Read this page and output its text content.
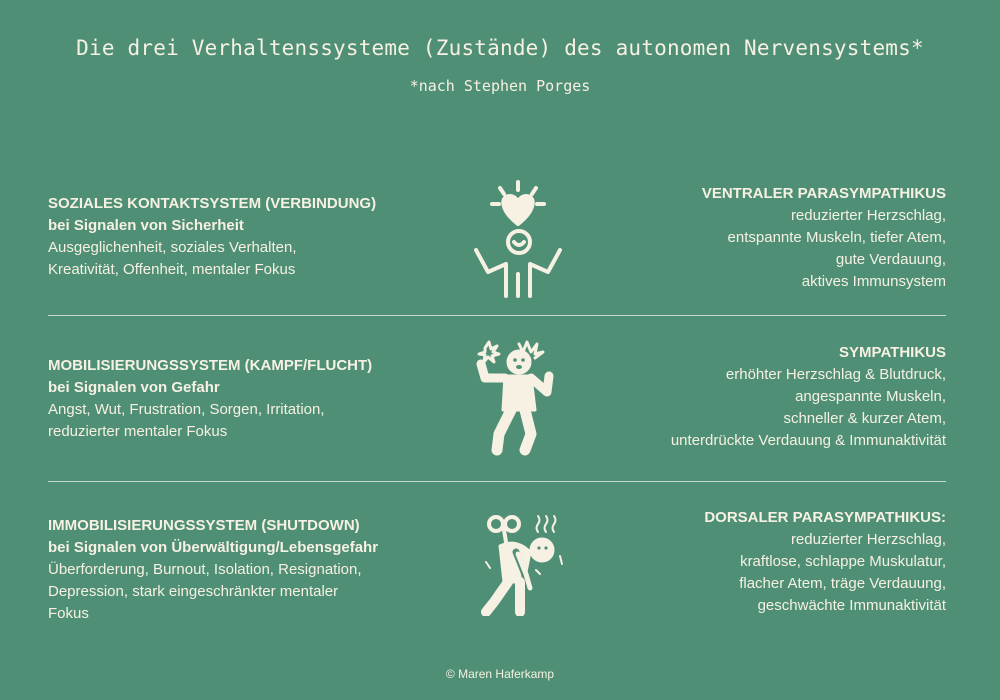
Die drei Verhaltenssysteme (Zustände) des autonomen Nervensystems*
*nach Stephen Porges
SOZIALES KONTAKTSYSTEM (VERBINDUNG)
bei Signalen von Sicherheit
Ausgeglichenheit, soziales Verhalten,
Kreativität, Offenheit, mentaler Fokus
VENTRALER PARASYMPATHIKUS
reduzierter Herzschlag,
entspannte Muskeln, tiefer Atem,
gute Verdauung,
aktives Immunsystem
MOBILISIERUNGSSYSTEM (KAMPF/FLUCHT)
bei Signalen von Gefahr
Angst, Wut, Frustration, Sorgen, Irritation,
reduzierter mentaler Fokus
SYMPATHIKUS
erhöhter Herzschlag & Blutdruck,
angespannte Muskeln,
schneller & kurzer Atem,
unterdrückte Verdauung & Immunaktivität
IMMOBILISIERUNGSSYSTEM (SHUTDOWN)
bei Signalen von Überwältigung/Lebensgefahr
Überforderung, Burnout, Isolation, Resignation,
Depression, stark eingeschränkter mentaler
Fokus
DORSALER PARASYMPATHIKUS:
reduzierter Herzschlag,
kraftlose, schlappe Muskulatur,
flacher Atem, träge Verdauung,
geschwächte Immunaktivität
© Maren Haferkamp
